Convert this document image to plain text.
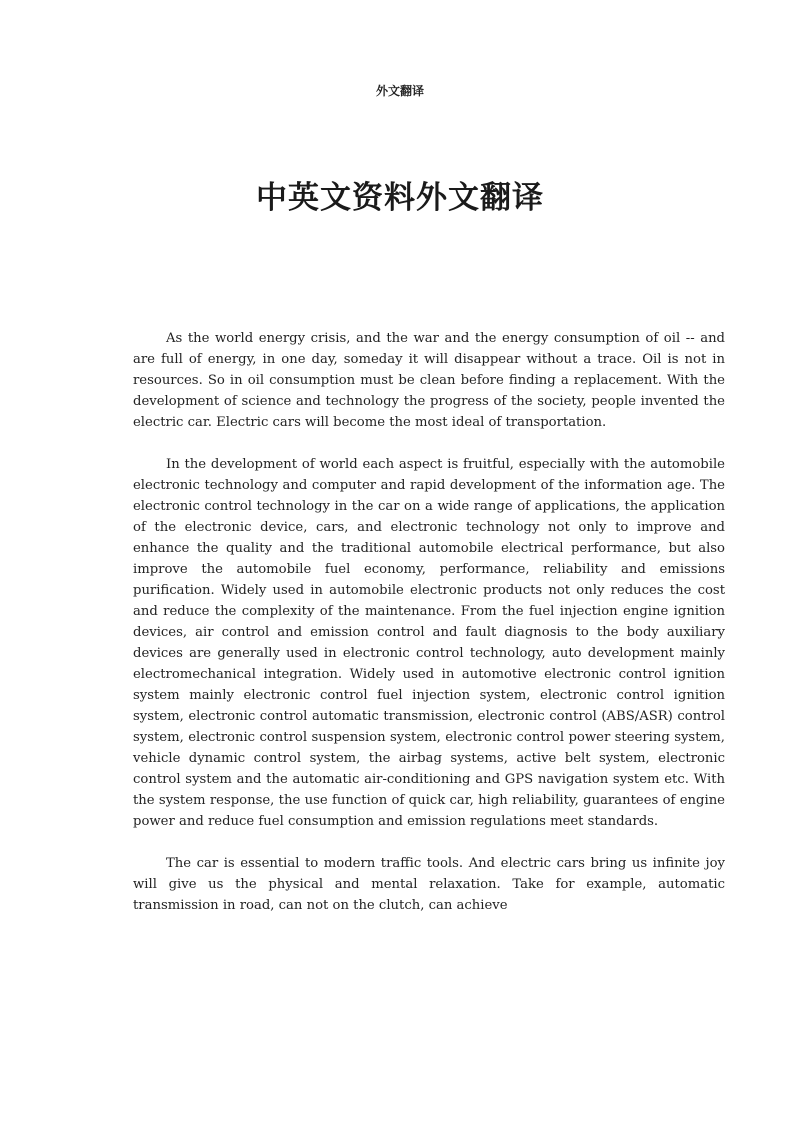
外文翻译
中英文资料外文翻译

As the world energy crisis, and the war and the energy consumption of oil -- and are full of energy, in one day, someday it will disappear without a trace. Oil is not in resources. So in oil consumption must be clean before finding a replacement. With the development of science and technology the progress of the society, people invented the electric car. Electric cars will become the most ideal of transportation.

In the development of world each aspect is fruitful, especially with the automobile electronic technology and computer and rapid development of the information age. The electronic control technology in the car on a wide range of applications, the application of the electronic device, cars, and electronic technology not only to improve and enhance the quality and the traditional automobile electrical performance, but also improve the automobile fuel economy, performance, reliability and emissions purification. Widely used in automobile electronic products not only reduces the cost and reduce the complexity of the maintenance. From the fuel injection engine ignition devices, air control and emission control and fault diagnosis to the body auxiliary devices are generally used in electronic control technology, auto development mainly electromechanical integration. Widely used in automotive electronic control ignition system mainly electronic control fuel injection system, electronic control ignition system, electronic control automatic transmission, electronic control (ABS/ASR) control system, electronic control suspension system, electronic control power steering system, vehicle dynamic control system, the airbag systems, active belt system, electronic control system and the automatic air-conditioning and GPS navigation system etc. With the system response, the use function of quick car, high reliability, guarantees of engine power and reduce fuel consumption and emission regulations meet standards.

The car is essential to modern traffic tools. And electric cars bring us infinite joy will give us the physical and mental relaxation. Take for example, automatic transmission in road, can not on the clutch, can achieve
